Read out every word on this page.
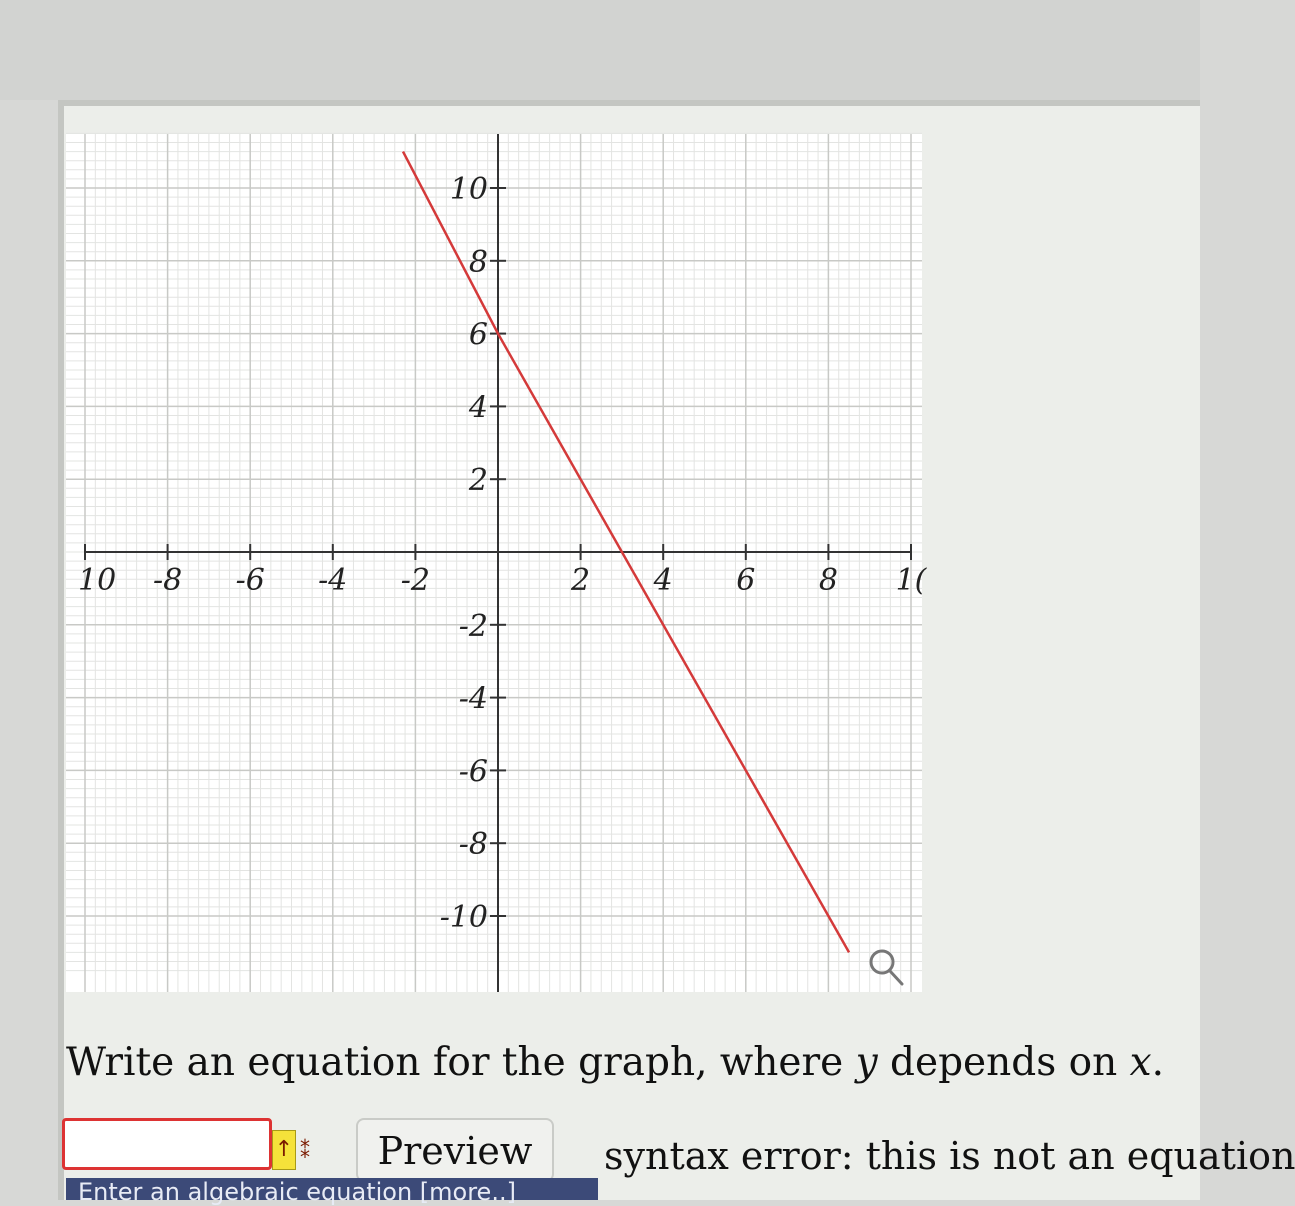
10 -8 -6 -4 -2	2 4 6 8 1(
-10
-8
-6
-4
-2
2
4
6
8
10
Write an equation for the graph, where y depends on x.
↑ ⁑	Preview	syntax error: this is not an equation
Enter an algebraic equation [more..]
